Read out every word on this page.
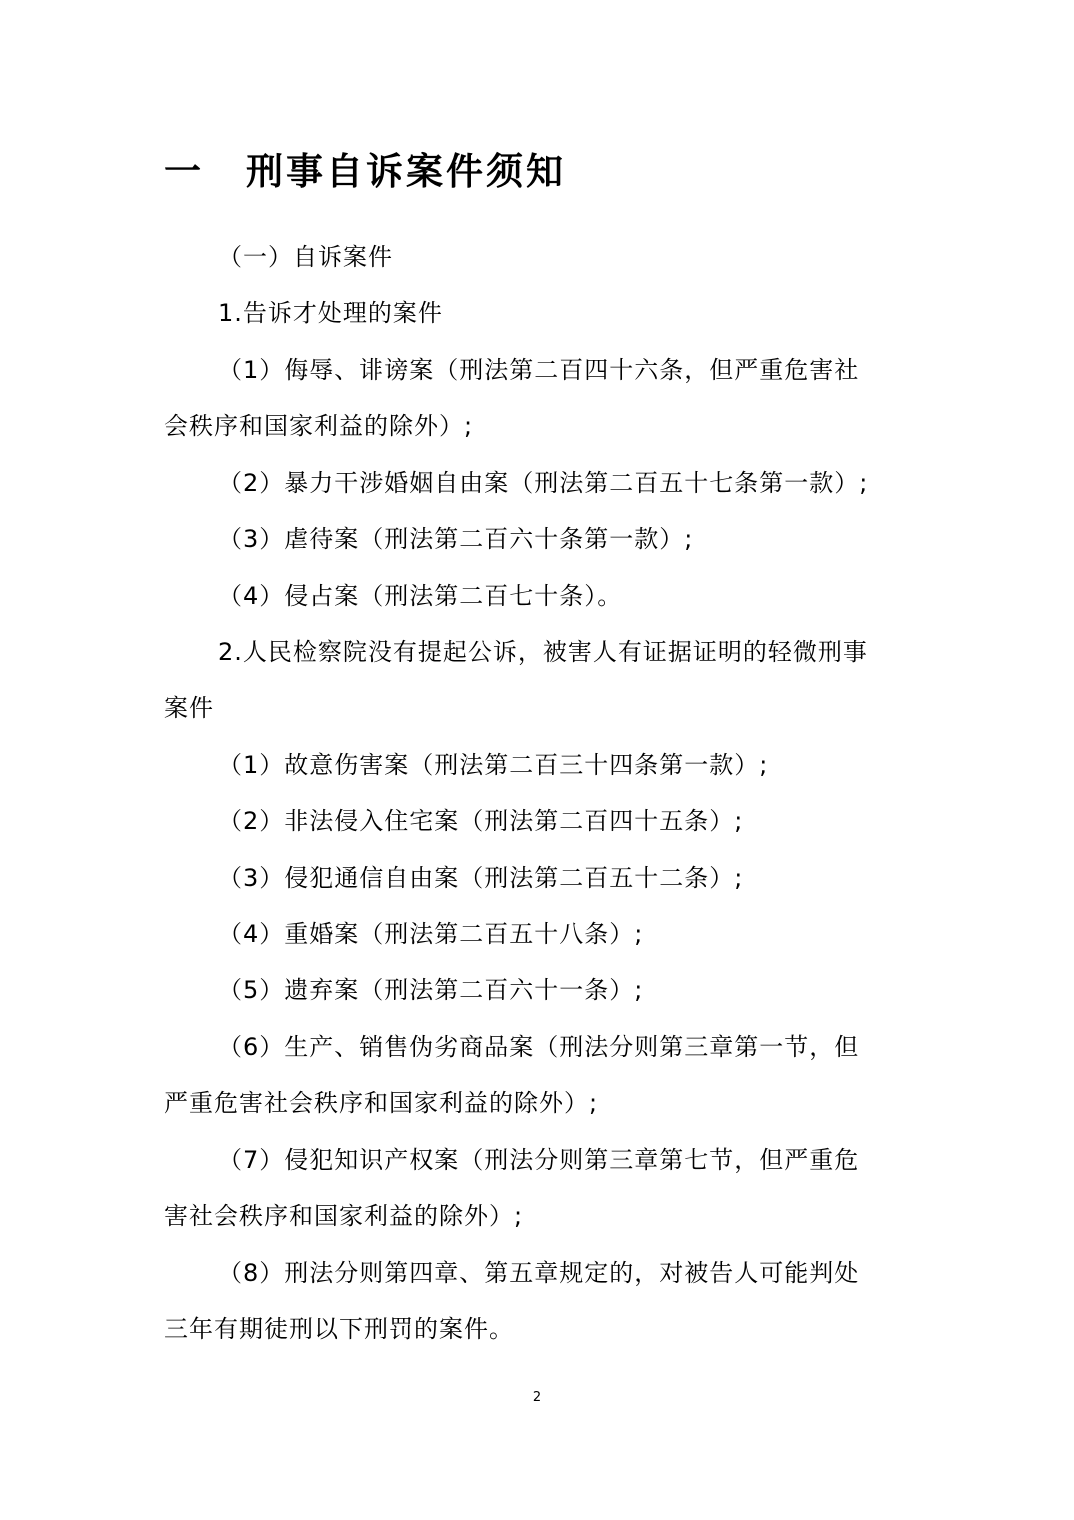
一	刑事自诉案件须知
（一）自诉案件
1.告诉才处理的案件
（1）侮辱、诽谤案（刑法第二百四十六条，但严重危害社
会秩序和国家利益的除外）;
（2）暴力干涉婚姻自由案（刑法第二百五十七条第一款）;
（3）虐待案（刑法第二百六十条第一款）;
（4）侵占案（刑法第二百七十条）。
2.人民检察院没有提起公诉，被害人有证据证明的轻微刑事
案件
（1）故意伤害案（刑法第二百三十四条第一款）;
（2）非法侵入住宅案（刑法第二百四十五条）;
（3）侵犯通信自由案（刑法第二百五十二条）;
（4）重婚案（刑法第二百五十八条）;
（5）遗弃案（刑法第二百六十一条）;
（6）生产、销售伪劣商品案（刑法分则第三章第一节，但
严重危害社会秩序和国家利益的除外）;
（7）侵犯知识产权案（刑法分则第三章第七节，但严重危
害社会秩序和国家利益的除外）;
（8）刑法分则第四章、第五章规定的，对被告人可能判处
三年有期徒刑以下刑罚的案件。
2
